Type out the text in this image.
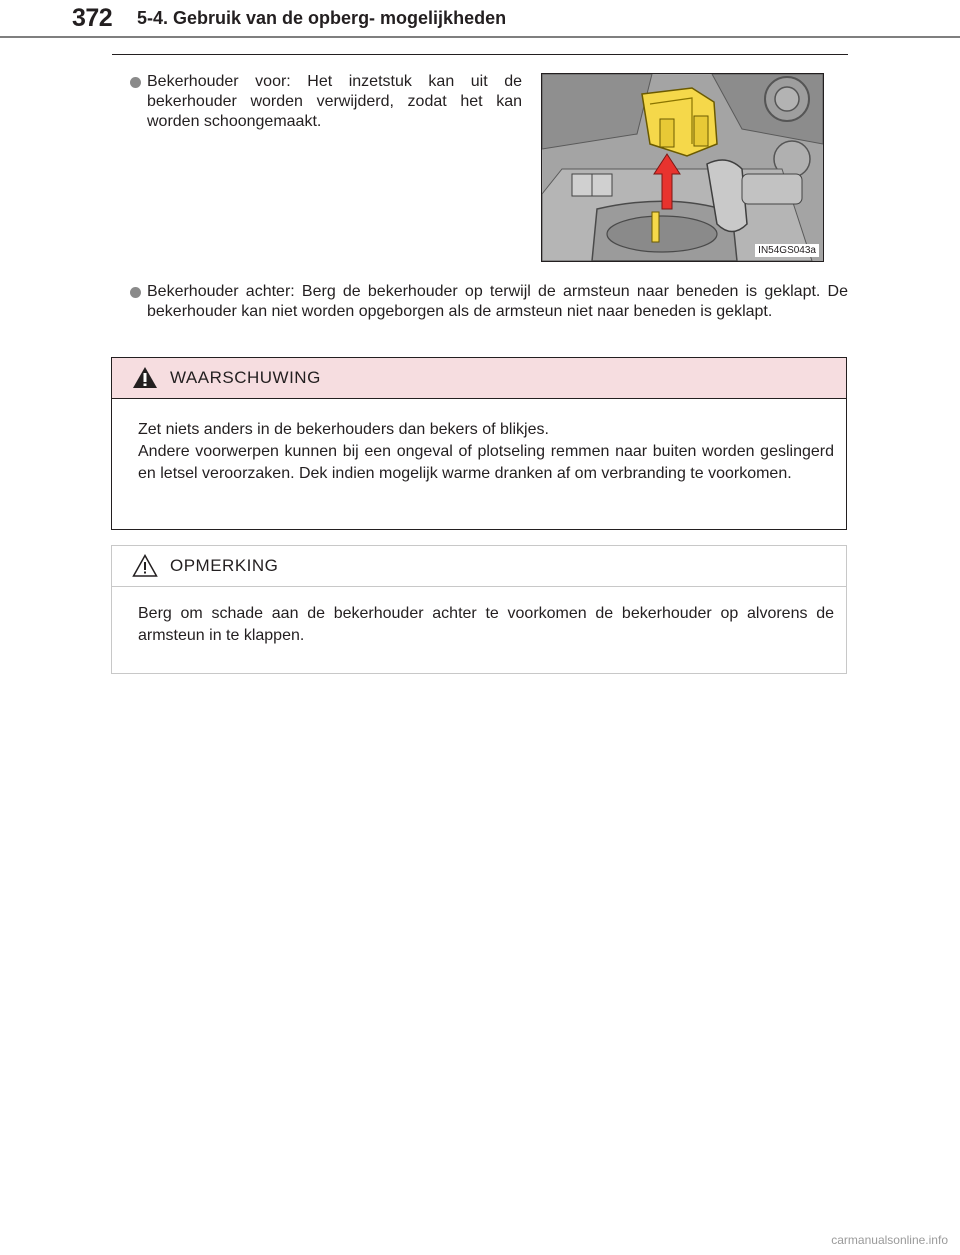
372 5-4. Gebruik van de opberg- mogelijkheden
Bekerhouder voor: Het inzetstuk kan uit de bekerhouder worden verwijderd, zodat het kan worden schoongemaakt.
IN54GS043a
Bekerhouder achter: Berg de bekerhouder op terwijl de armsteun naar beneden is geklapt. De bekerhouder kan niet worden opgeborgen als de armsteun niet naar beneden is geklapt.
WAARSCHUWING

Zet niets anders in de bekerhouders dan bekers of blikjes.

Andere voorwerpen kunnen bij een ongeval of plotseling remmen naar buiten worden geslingerd en letsel veroorzaken. Dek indien mogelijk warme dranken af om verbranding te voorkomen.

OPMERKING

Berg om schade aan de bekerhouder achter te voorkomen de bekerhouder op alvorens de armsteun in te klappen.

carmanualsonline.info
